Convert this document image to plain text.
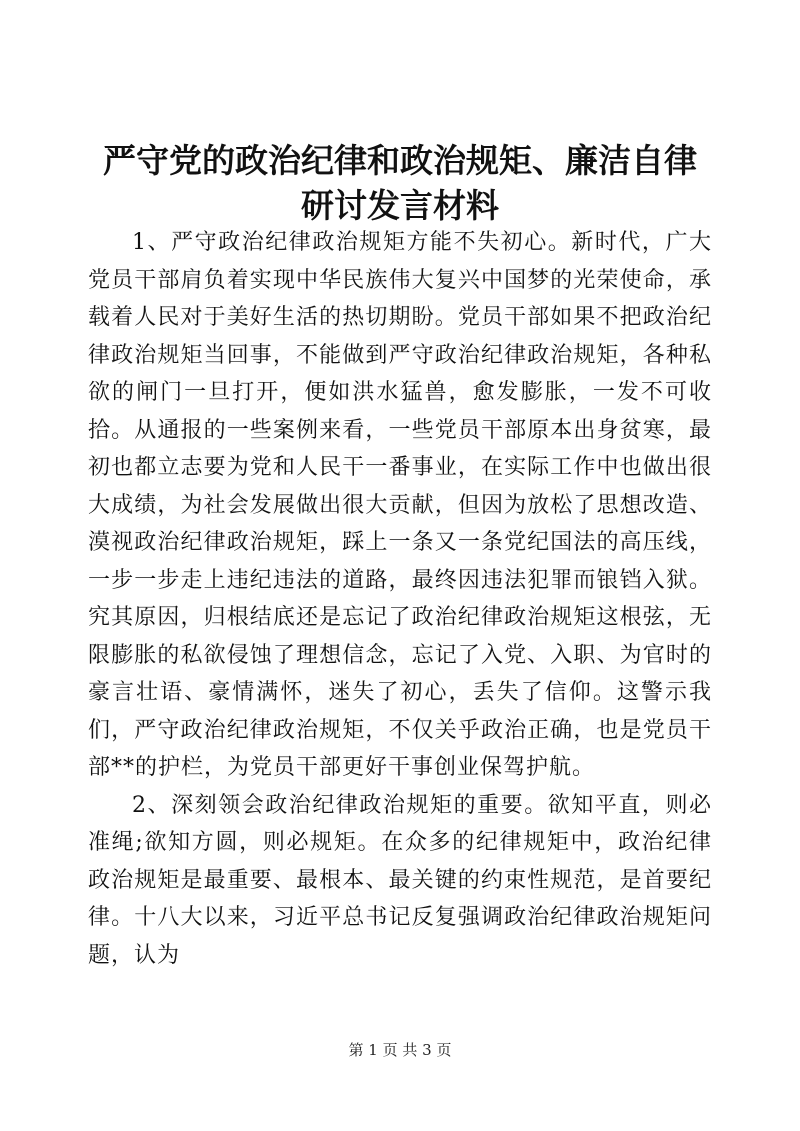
严守党的政治纪律和政治规矩、廉洁自律研讨发言材料

1、严守政治纪律政治规矩方能不失初心。新时代，广大党员干部肩负着实现中华民族伟大复兴中国梦的光荣使命，承载着人民对于美好生活的热切期盼。党员干部如果不把政治纪律政治规矩当回事，不能做到严守政治纪律政治规矩，各种私欲的闸门一旦打开，便如洪水猛兽，愈发膨胀，一发不可收拾。从通报的一些案例来看，一些党员干部原本出身贫寒，最初也都立志要为党和人民干一番事业，在实际工作中也做出很大成绩，为社会发展做出很大贡献，但因为放松了思想改造、漠视政治纪律政治规矩，踩上一条又一条党纪国法的高压线，一步一步走上违纪违法的道路，最终因违法犯罪而锒铛入狱。究其原因，归根结底还是忘记了政治纪律政治规矩这根弦，无限膨胀的私欲侵蚀了理想信念，忘记了入党、入职、为官时的豪言壮语、豪情满怀，迷失了初心，丢失了信仰。这警示我们，严守政治纪律政治规矩，不仅关乎政治正确，也是党员干部**的护栏，为党员干部更好干事创业保驾护航。

2、深刻领会政治纪律政治规矩的重要。欲知平直，则必准绳;欲知方圆，则必规矩。在众多的纪律规矩中，政治纪律政治规矩是最重要、最根本、最关键的约束性规范，是首要纪律。十八大以来，习近平总书记反复强调政治纪律政治规矩问题，认为

第 1 页 共 3 页
